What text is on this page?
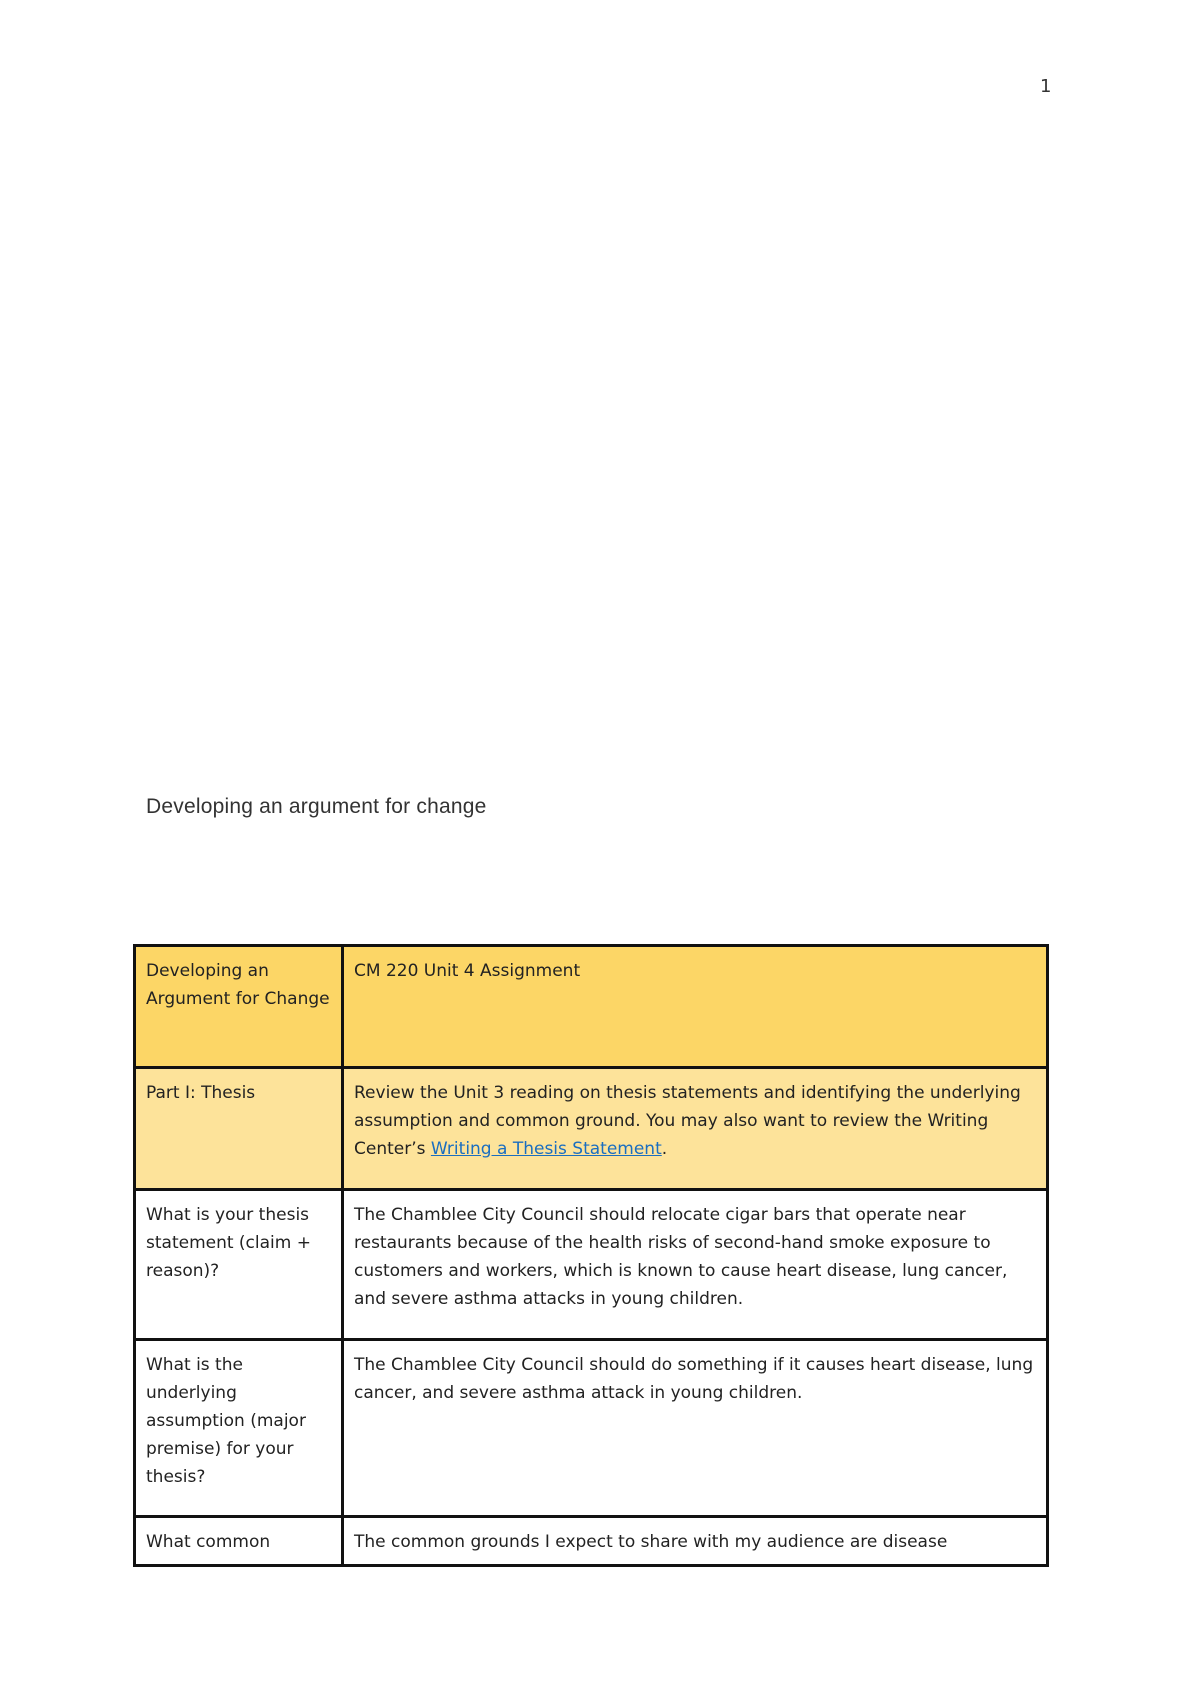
1
Developing an argument for change
Developing an Argument for Change	CM 220 Unit 4 Assignment
Part I: Thesis	Review the Unit 3 reading on thesis statements and identifying the underlying assumption and common ground. You may also want to review the Writing Center’s Writing a Thesis Statement.
What is your thesis statement (claim + reason)?	The Chamblee City Council should relocate cigar bars that operate near restaurants because of the health risks of second-hand smoke exposure to customers and workers, which is known to cause heart disease, lung cancer, and severe asthma attacks in young children.
What is the underlying assumption (major premise) for your thesis?	The Chamblee City Council should do something if it causes heart disease, lung cancer, and severe asthma attack in young children.
What common	The common grounds I expect to share with my audience are disease
